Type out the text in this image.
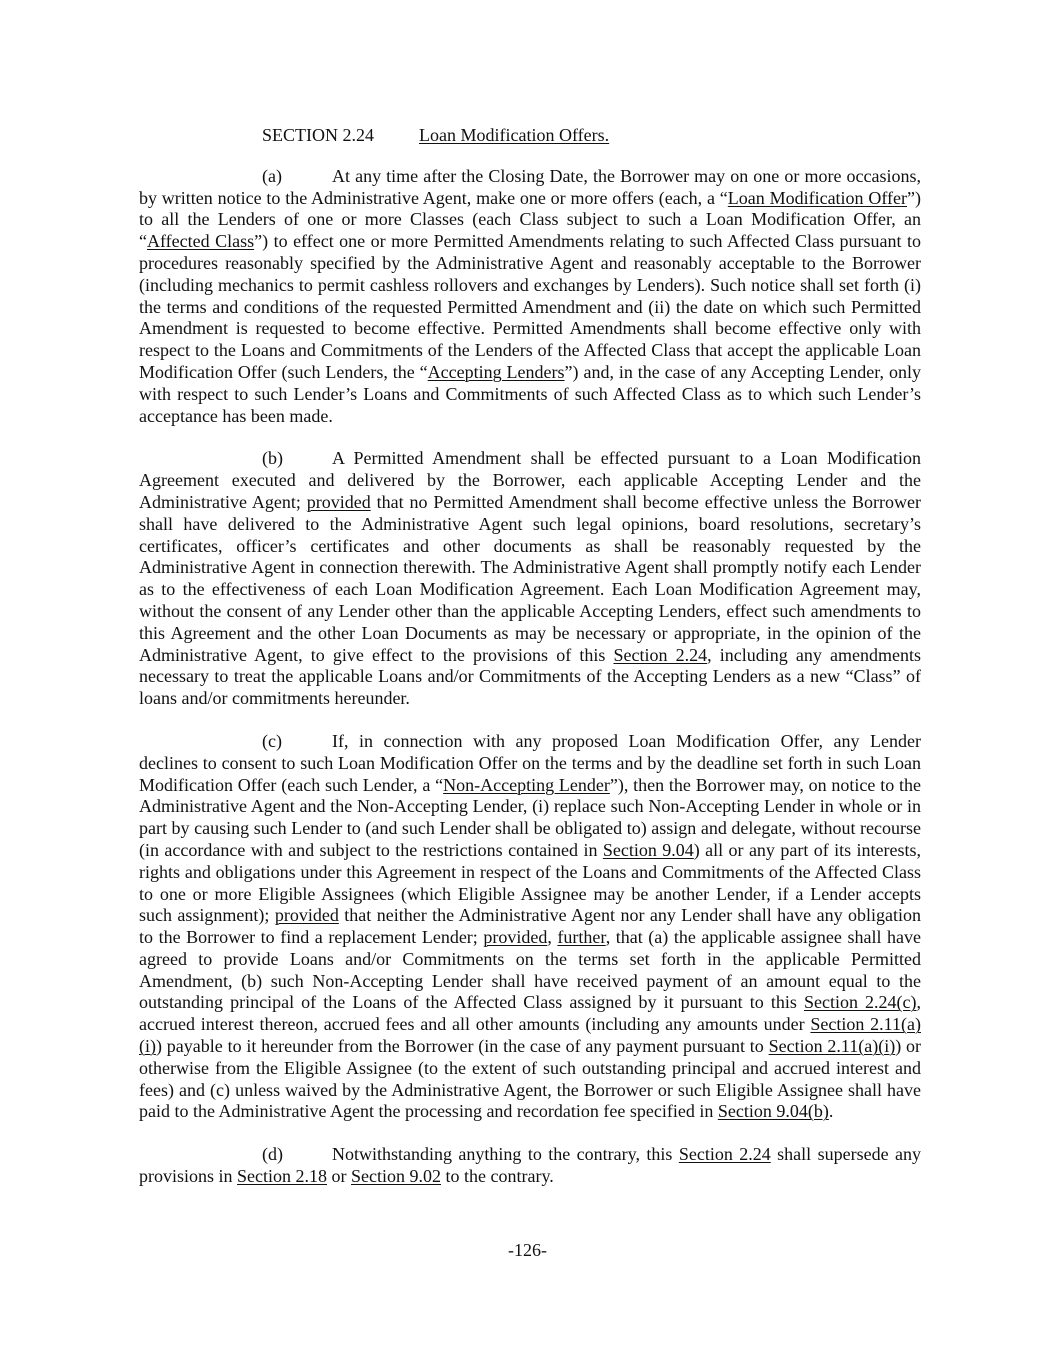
SECTION 2.24	Loan Modification Offers.

(a)	At any time after the Closing Date, the Borrower may on one or more occasions, by written notice to the Administrative Agent, make one or more offers (each, a “Loan Modification Offer”) to all the Lenders of one or more Classes (each Class subject to such a Loan Modification Offer, an “Affected Class”) to effect one or more Permitted Amendments relating to such Affected Class pursuant to procedures reasonably specified by the Administrative Agent and reasonably acceptable to the Borrower (including mechanics to permit cashless rollovers and exchanges by Lenders). Such notice shall set forth (i) the terms and conditions of the requested Permitted Amendment and (ii) the date on which such Permitted Amendment is requested to become effective. Permitted Amendments shall become effective only with respect to the Loans and Commitments of the Lenders of the Affected Class that accept the applicable Loan Modification Offer (such Lenders, the “Accepting Lenders”) and, in the case of any Accepting Lender, only with respect to such Lender’s Loans and Commitments of such Affected Class as to which such Lender’s acceptance has been made.

(b)	A Permitted Amendment shall be effected pursuant to a Loan Modification Agreement executed and delivered by the Borrower, each applicable Accepting Lender and the Administrative Agent; provided that no Permitted Amendment shall become effective unless the Borrower shall have delivered to the Administrative Agent such legal opinions, board resolutions, secretary’s certificates, officer’s certificates and other documents as shall be reasonably requested by the Administrative Agent in connection therewith. The Administrative Agent shall promptly notify each Lender as to the effectiveness of each Loan Modification Agreement. Each Loan Modification Agreement may, without the consent of any Lender other than the applicable Accepting Lenders, effect such amendments to this Agreement and the other Loan Documents as may be necessary or appropriate, in the opinion of the Administrative Agent, to give effect to the provisions of this Section 2.24, including any amendments necessary to treat the applicable Loans and/or Commitments of the Accepting Lenders as a new “Class” of loans and/or commitments hereunder.

(c)	If, in connection with any proposed Loan Modification Offer, any Lender declines to consent to such Loan Modification Offer on the terms and by the deadline set forth in such Loan Modification Offer (each such Lender, a “Non-Accepting Lender”), then the Borrower may, on notice to the Administrative Agent and the Non-Accepting Lender, (i) replace such Non-Accepting Lender in whole or in part by causing such Lender to (and such Lender shall be obligated to) assign and delegate, without recourse (in accordance with and subject to the restrictions contained in Section 9.04) all or any part of its interests, rights and obligations under this Agreement in respect of the Loans and Commitments of the Affected Class to one or more Eligible Assignees (which Eligible Assignee may be another Lender, if a Lender accepts such assignment); provided that neither the Administrative Agent nor any Lender shall have any obligation to the Borrower to find a replacement Lender; provided, further, that (a) the applicable assignee shall have agreed to provide Loans and/or Commitments on the terms set forth in the applicable Permitted Amendment, (b) such Non-Accepting Lender shall have received payment of an amount equal to the outstanding principal of the Loans of the Affected Class assigned by it pursuant to this Section 2.24(c), accrued interest thereon, accrued fees and all other amounts (including any amounts under Section 2.11(a)(i)) payable to it hereunder from the Borrower (in the case of any payment pursuant to Section 2.11(a)(i)) or otherwise from the Eligible Assignee (to the extent of such outstanding principal and accrued interest and fees) and (c) unless waived by the Administrative Agent, the Borrower or such Eligible Assignee shall have paid to the Administrative Agent the processing and recordation fee specified in Section 9.04(b).

(d)	Notwithstanding anything to the contrary, this Section 2.24 shall supersede any provisions in Section 2.18 or Section 9.02 to the contrary.

-126-
